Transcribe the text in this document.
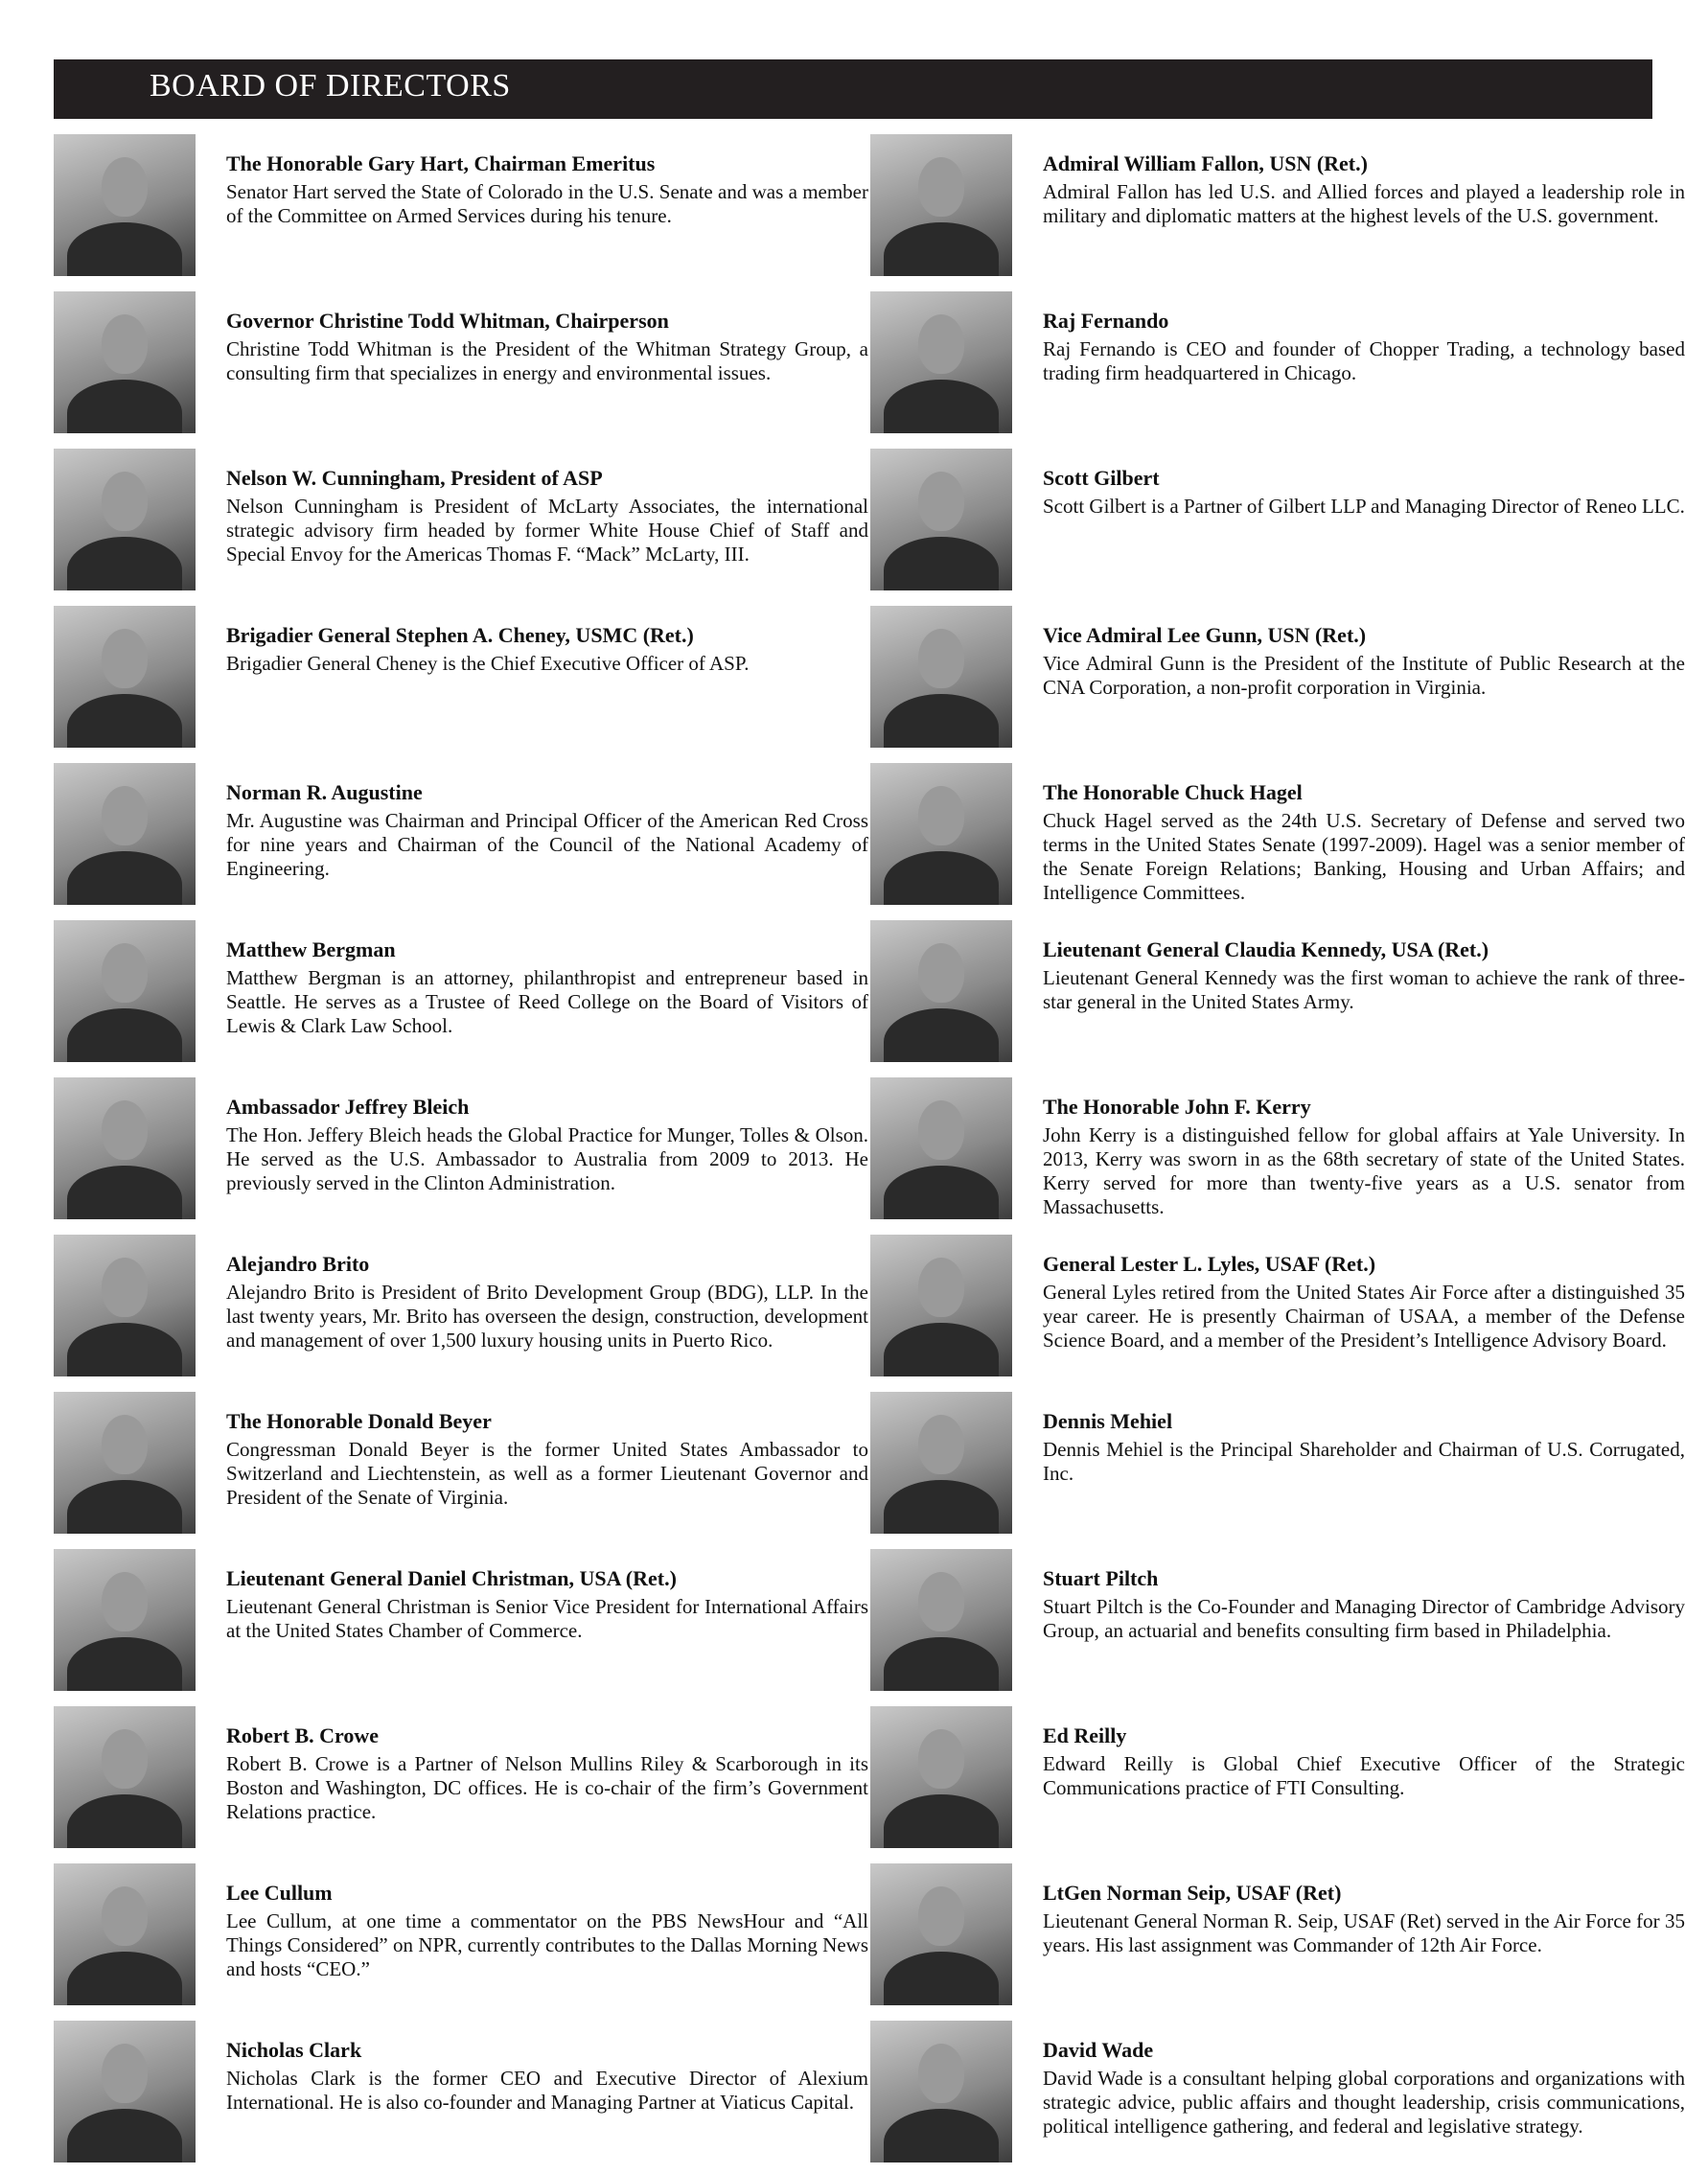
BOARD OF DIRECTORS
The Honorable Gary Hart, Chairman Emeritus

Senator Hart served the State of Colorado in the U.S. Senate and was a member of the Committee on Armed Services during his tenure.

Governor Christine Todd Whitman, Chairperson

Christine Todd Whitman is the President of the Whitman Strategy Group, a consulting firm that specializes in energy and environmental issues.

Nelson W. Cunningham, President of ASP

Nelson Cunningham is President of McLarty Associates, the international strategic advisory firm headed by former White House Chief of Staff and Special Envoy for the Americas Thomas F. “Mack” McLarty, III.

Brigadier General Stephen A. Cheney, USMC (Ret.)

Brigadier General Cheney is the Chief Executive Officer of ASP.

Norman R. Augustine

Mr. Augustine was Chairman and Principal Officer of the American Red Cross for nine years and Chairman of the Council of the National Academy of Engineering.

Matthew Bergman

Matthew Bergman is an attorney, philanthropist and entrepreneur based in Seattle. He serves as a Trustee of Reed College on the Board of Visitors of Lewis & Clark Law School.

Ambassador Jeffrey Bleich

The Hon. Jeffery Bleich heads the Global Practice for Munger, Tolles & Olson. He served as the U.S. Ambassador to Australia from 2009 to 2013. He previously served in the Clinton Administration.

Alejandro Brito

Alejandro Brito is President of Brito Development Group (BDG), LLP. In the last twenty years, Mr. Brito has overseen the design, construction, development and management of over 1,500 luxury housing units in Puerto Rico.

The Honorable Donald Beyer

Congressman Donald Beyer is the former United States Ambassador to Switzerland and Liechtenstein, as well as a former Lieutenant Governor and President of the Senate of Virginia.

Lieutenant General Daniel Christman, USA (Ret.)

Lieutenant General Christman is Senior Vice President for International Affairs at the United States Chamber of Commerce.

Robert B. Crowe

Robert B. Crowe is a Partner of Nelson Mullins Riley & Scarborough in its Boston and Washington, DC offices. He is co-chair of the firm’s Government Relations practice.

Lee Cullum

Lee Cullum, at one time a commentator on the PBS NewsHour and “All Things Considered” on NPR, currently contributes to the Dallas Morning News and hosts “CEO.”

Nicholas Clark

Nicholas Clark is the former CEO and Executive Director of Alexium International. He is also co-founder and Managing Partner at Viaticus Capital.

Admiral William Fallon, USN (Ret.)

Admiral Fallon has led U.S. and Allied forces and played a leadership role in military and diplomatic matters at the highest levels of the U.S. government.

Raj Fernando

Raj Fernando is CEO and founder of Chopper Trading, a technology based trading firm headquartered in Chicago.

Scott Gilbert

Scott Gilbert is a Partner of Gilbert LLP and Managing Director of Reneo LLC.

Vice Admiral Lee Gunn, USN (Ret.)

Vice Admiral Gunn is the President of the Institute of Public Research at the CNA Corporation, a non-profit corporation in Virginia.

The Honorable Chuck Hagel

Chuck Hagel served as the 24th U.S. Secretary of Defense and served two terms in the United States Senate (1997-2009). Hagel was a senior member of the Senate Foreign Relations; Banking, Housing and Urban Affairs; and Intelligence Committees.

Lieutenant General Claudia Kennedy, USA (Ret.)

Lieutenant General Kennedy was the first woman to achieve the rank of three-star general in the United States Army.

The Honorable John F. Kerry

John Kerry is a distinguished fellow for global affairs at Yale University. In 2013, Kerry was sworn in as the 68th secretary of state of the United States. Kerry served for more than twenty-five years as a U.S. senator from Massachusetts.

General Lester L. Lyles, USAF (Ret.)

General Lyles retired from the United States Air Force after a distinguished 35 year career. He is presently Chairman of USAA, a member of the Defense Science Board, and a member of the President’s Intelligence Advisory Board.

Dennis Mehiel

Dennis Mehiel is the Principal Shareholder and Chairman of U.S. Corrugated, Inc.

Stuart Piltch

Stuart Piltch is the Co-Founder and Managing Director of Cambridge Advisory Group, an actuarial and benefits consulting firm based in Philadelphia.

Ed Reilly

Edward Reilly is Global Chief Executive Officer of the Strategic Communications practice of FTI Consulting.

LtGen Norman Seip, USAF (Ret)

Lieutenant General Norman R. Seip, USAF (Ret) served in the Air Force for 35 years. His last assignment was Commander of 12th Air Force.

David Wade

David Wade is a consultant helping global corporations and organizations with strategic advice, public affairs and thought leadership, crisis communications, political intelligence gathering, and federal and legislative strategy.
